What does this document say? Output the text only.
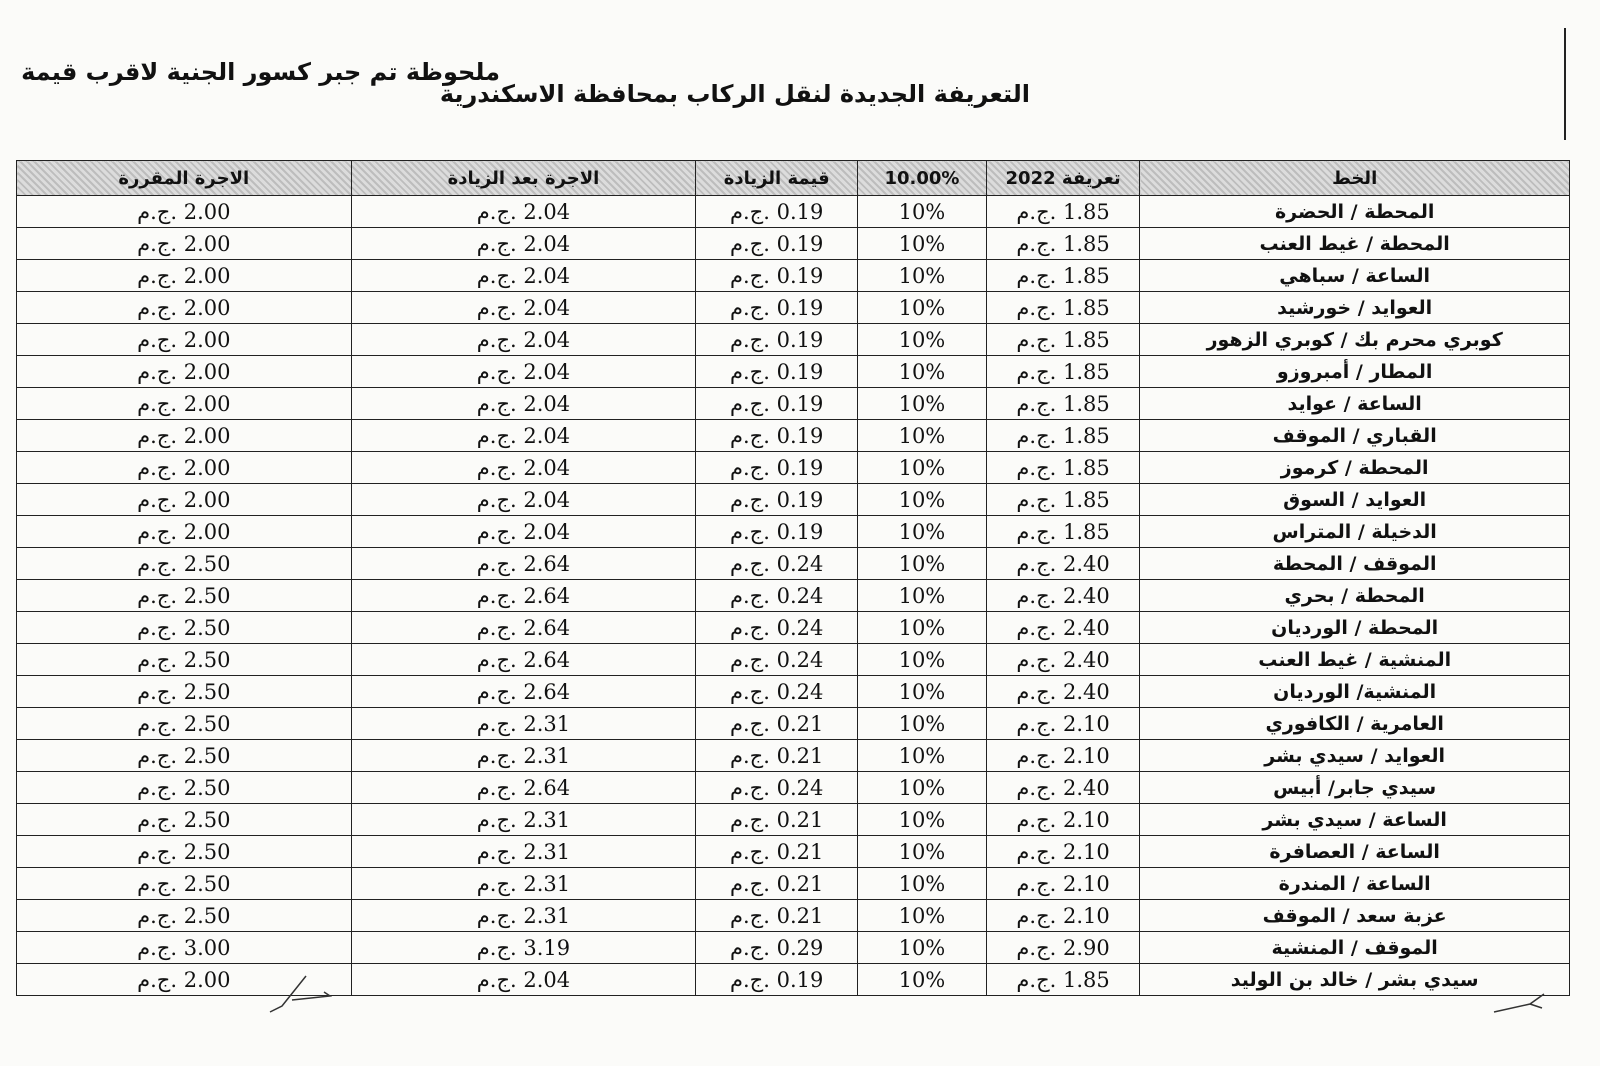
ملحوظة تم جبر كسور الجنية لاقرب قيمة
التعريفة الجديدة لنقل الركاب بمحافظة الاسكندرية
الخط	تعريفة 2022	10.00%	قيمة الزيادة	الاجرة بعد الزيادة	الاجرة المقررة
المحطة / الحضرة	1.85 .ج.م	10%	0.19 .ج.م	2.04 .ج.م	2.00 .ج.م
المحطة / غيط العنب	1.85 .ج.م	10%	0.19 .ج.م	2.04 .ج.م	2.00 .ج.م
الساعة / سباهي	1.85 .ج.م	10%	0.19 .ج.م	2.04 .ج.م	2.00 .ج.م
العوايد / خورشيد	1.85 .ج.م	10%	0.19 .ج.م	2.04 .ج.م	2.00 .ج.م
كوبري محرم بك / كوبري الزهور	1.85 .ج.م	10%	0.19 .ج.م	2.04 .ج.م	2.00 .ج.م
المطار / أمبروزو	1.85 .ج.م	10%	0.19 .ج.م	2.04 .ج.م	2.00 .ج.م
الساعة / عوايد	1.85 .ج.م	10%	0.19 .ج.م	2.04 .ج.م	2.00 .ج.م
القباري / الموقف	1.85 .ج.م	10%	0.19 .ج.م	2.04 .ج.م	2.00 .ج.م
المحطة / كرموز	1.85 .ج.م	10%	0.19 .ج.م	2.04 .ج.م	2.00 .ج.م
العوايد / السوق	1.85 .ج.م	10%	0.19 .ج.م	2.04 .ج.م	2.00 .ج.م
الدخيلة / المتراس	1.85 .ج.م	10%	0.19 .ج.م	2.04 .ج.م	2.00 .ج.م
الموقف / المحطة	2.40 .ج.م	10%	0.24 .ج.م	2.64 .ج.م	2.50 .ج.م
المحطة / بحري	2.40 .ج.م	10%	0.24 .ج.م	2.64 .ج.م	2.50 .ج.م
المحطة / الورديان	2.40 .ج.م	10%	0.24 .ج.م	2.64 .ج.م	2.50 .ج.م
المنشية / غيط العنب	2.40 .ج.م	10%	0.24 .ج.م	2.64 .ج.م	2.50 .ج.م
المنشية/ الورديان	2.40 .ج.م	10%	0.24 .ج.م	2.64 .ج.م	2.50 .ج.م
العامرية / الكافوري	2.10 .ج.م	10%	0.21 .ج.م	2.31 .ج.م	2.50 .ج.م
العوايد / سيدي بشر	2.10 .ج.م	10%	0.21 .ج.م	2.31 .ج.م	2.50 .ج.م
سيدي جابر/ أبيس	2.40 .ج.م	10%	0.24 .ج.م	2.64 .ج.م	2.50 .ج.م
الساعة / سيدي بشر	2.10 .ج.م	10%	0.21 .ج.م	2.31 .ج.م	2.50 .ج.م
الساعة / العصافرة	2.10 .ج.م	10%	0.21 .ج.م	2.31 .ج.م	2.50 .ج.م
الساعة / المندرة	2.10 .ج.م	10%	0.21 .ج.م	2.31 .ج.م	2.50 .ج.م
عزبة سعد / الموقف	2.10 .ج.م	10%	0.21 .ج.م	2.31 .ج.م	2.50 .ج.م
الموقف / المنشية	2.90 .ج.م	10%	0.29 .ج.م	3.19 .ج.م	3.00 .ج.م
سيدي بشر / خالد بن الوليد	1.85 .ج.م	10%	0.19 .ج.م	2.04 .ج.م	2.00 .ج.م
